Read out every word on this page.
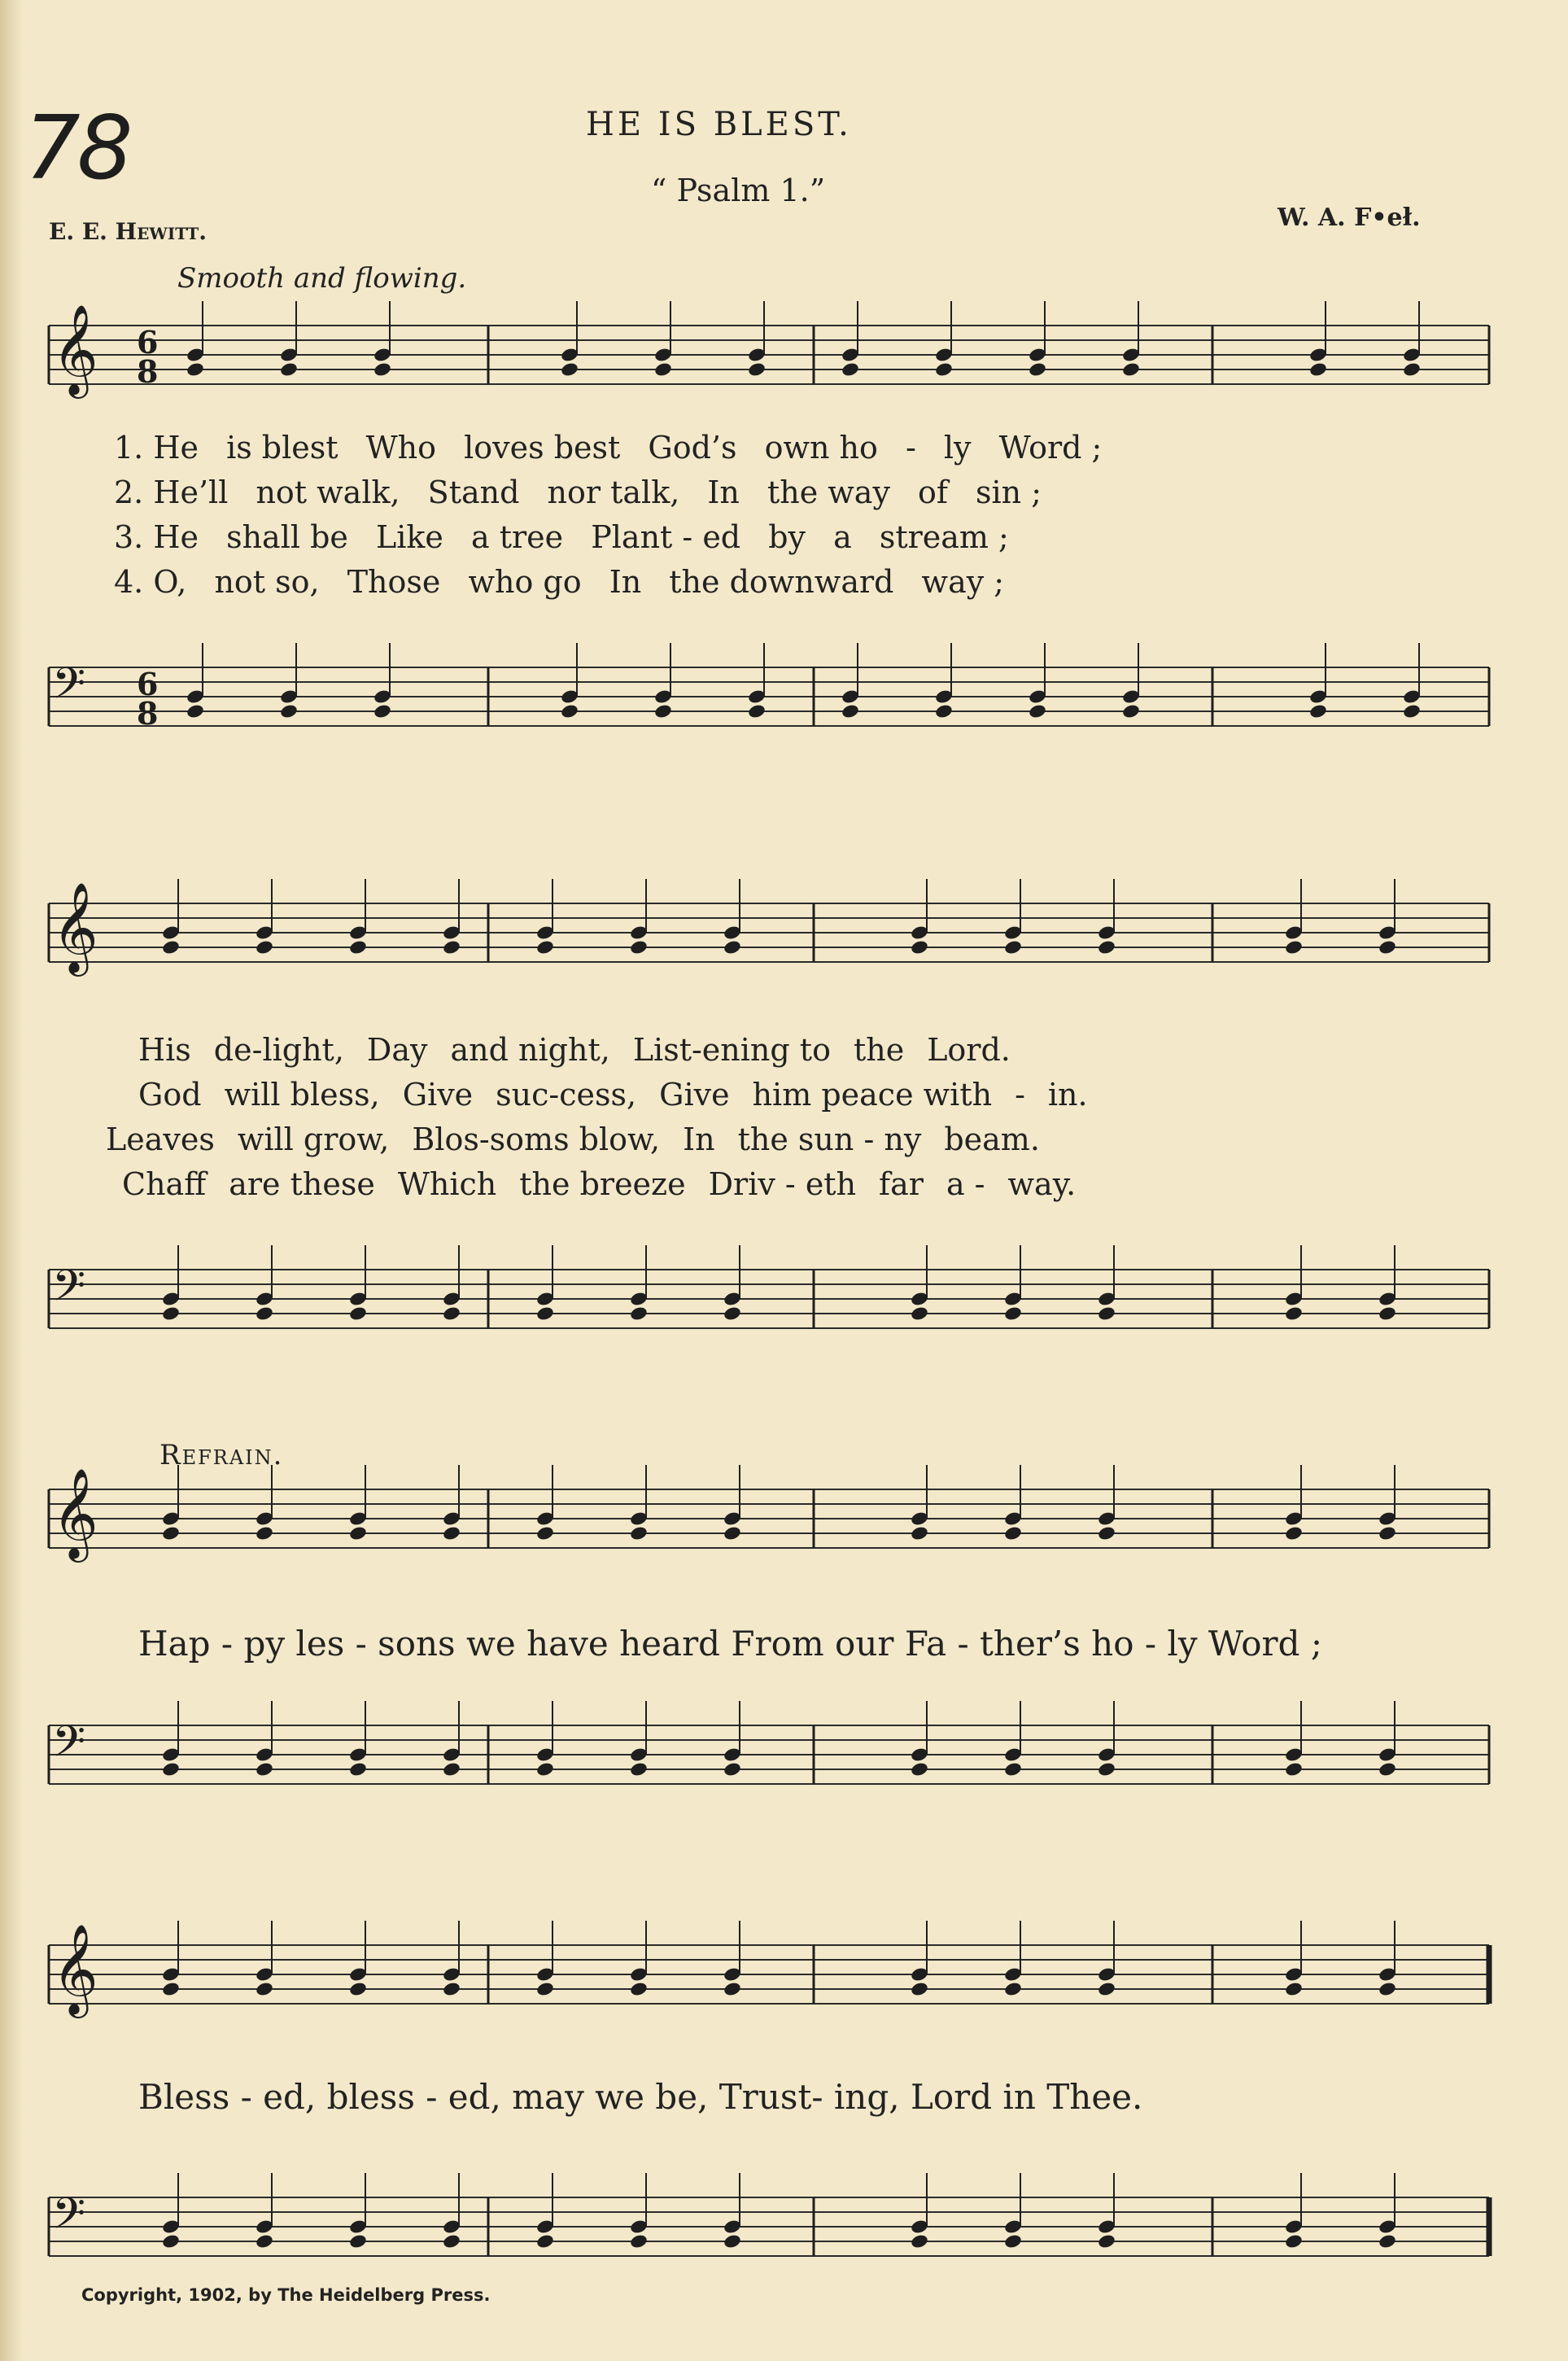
78	HE IS BLEST.
“ Psalm 1.”
E. E. Hewitt.	W. A. F•eł.
Smooth and flowing.
𝄞 6
8
𝄢 6
8
1. He is blest Who loves best God’s own ho - ly Word ;
2. He’ll not walk, Stand nor talk, In the way of sin ;
3. He shall be Like a tree Plant - ed by a stream ;
4. O, not so, Those who go In the downward way ;
𝄞
His de-light, Day and night, List-ening to the Lord.
God will bless, Give suc-cess, Give him peace with - in.
Leaves will grow, Blos-soms blow, In the sun - ny beam.
Chaff are these Which the breeze Driv - eth far a - way.
𝄢
Refrain.
𝄞
Hap - py les - sons we have heard From our Fa - ther’s ho - ly Word ;
𝄢
𝄞
Bless - ed, bless - ed, may we be, Trust- ing, Lord in Thee.
𝄢
Copyright, 1902, by The Heidelberg Press.
